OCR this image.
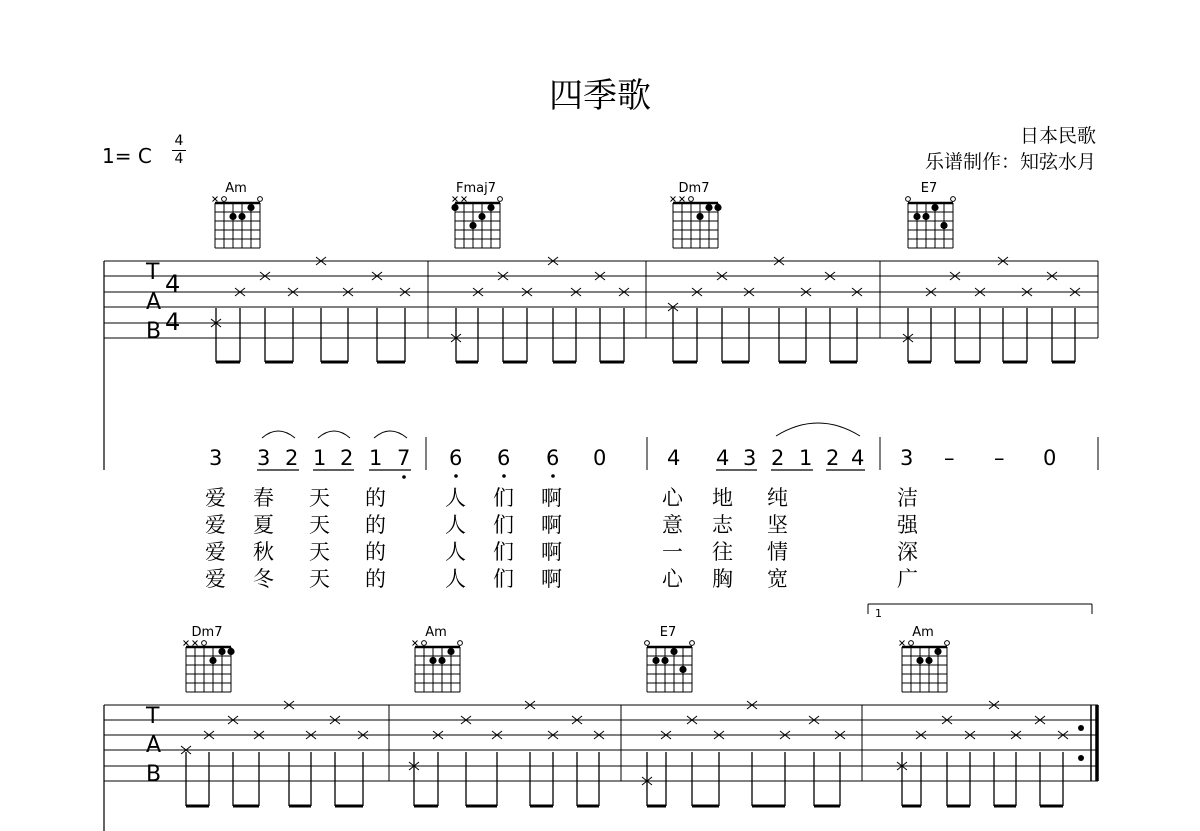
四季歌
日本民歌
乐谱制作：知弦水月
1= C
4
4
Am	Fmaj7	Dm7	E7
Dm7	Am	E7	Am
T
A
B
4
4
T
A
B
1
3 3 2 1 2 1 7 6 6 6 0	4 4 3 2 1 2 4 3 – – 0
爱 春 天 的	人 们 啊	心 地 纯	洁
爱 夏 天 的	人 们 啊	意 志 坚	强
爱 秋 天 的	人 们 啊	一 往 情	深
爱 冬 天 的	人 们 啊	心 胸 宽	广
